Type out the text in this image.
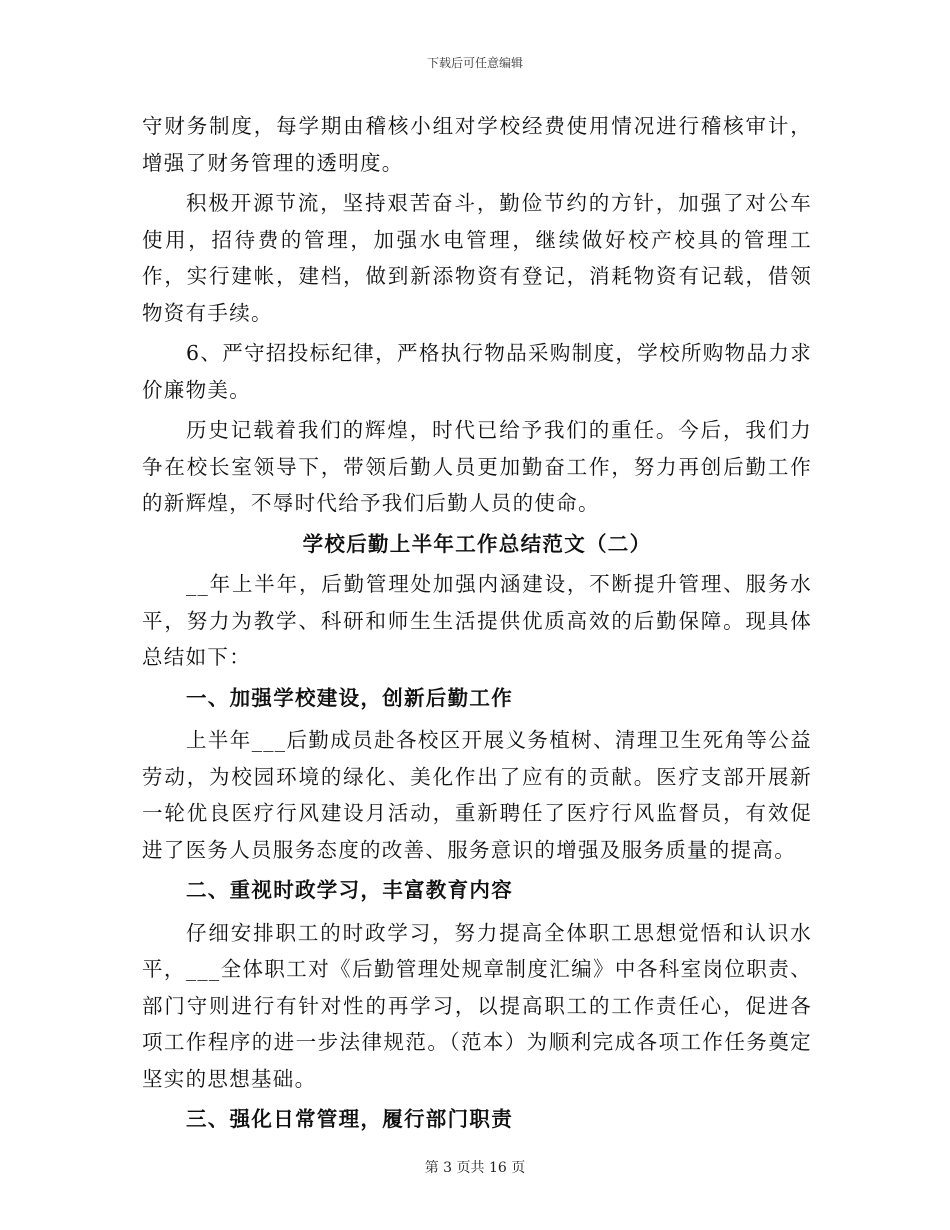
下载后可任意编辑

守财务制度，每学期由稽核小组对学校经费使用情况进行稽核审计，增强了财务管理的透明度。

积极开源节流，坚持艰苦奋斗，勤俭节约的方针，加强了对公车使用，招待费的管理，加强水电管理，继续做好校产校具的管理工作，实行建帐，建档，做到新添物资有登记，消耗物资有记载，借领物资有手续。

6、严守招投标纪律，严格执行物品采购制度，学校所购物品力求价廉物美。

历史记载着我们的辉煌，时代已给予我们的重任。今后，我们力争在校长室领导下，带领后勤人员更加勤奋工作，努力再创后勤工作的新辉煌，不辱时代给予我们后勤人员的使命。

学校后勤上半年工作总结范文（二）

__年上半年，后勤管理处加强内涵建设，不断提升管理、服务水平，努力为教学、科研和师生生活提供优质高效的后勤保障。现具体总结如下：

一、加强学校建设，创新后勤工作

上半年___后勤成员赴各校区开展义务植树、清理卫生死角等公益劳动，为校园环境的绿化、美化作出了应有的贡献。医疗支部开展新一轮优良医疗行风建设月活动，重新聘任了医疗行风监督员，有效促进了医务人员服务态度的改善、服务意识的增强及服务质量的提高。

二、重视时政学习，丰富教育内容

仔细安排职工的时政学习，努力提高全体职工思想觉悟和认识水平，___全体职工对《后勤管理处规章制度汇编》中各科室岗位职责、部门守则进行有针对性的再学习，以提高职工的工作责任心，促进各项工作程序的进一步法律规范。（范本）为顺利完成各项工作任务奠定坚实的思想基础。

三、强化日常管理，履行部门职责
第 3 页共 16 页
